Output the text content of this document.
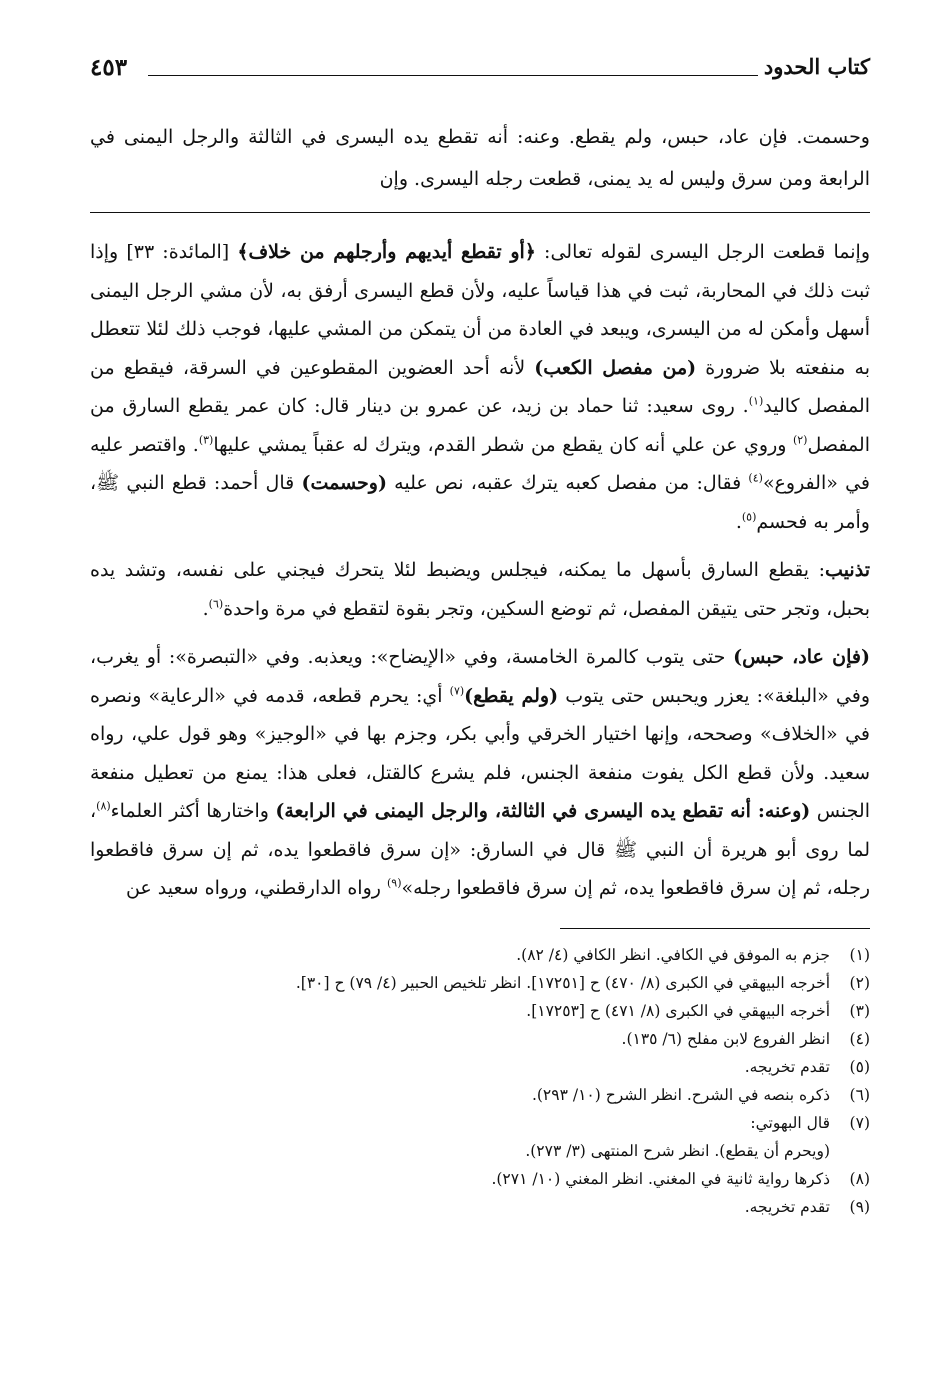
كتاب الحدود
٤٥٣

وحسمت. فإن عاد، حبس، ولم يقطع. وعنه: أنه تقطع يده اليسرى في الثالثة والرجل اليمنى في الرابعة ومن سرق وليس له يد يمنى، قطعت رجله اليسرى. وإن

وإنما قطعت الرجل اليسرى لقوله تعالى: ﴿أو تقطع أيديهم وأرجلهم من خلاف﴾ [المائدة: ٣٣] وإذا ثبت ذلك في المحاربة، ثبت في هذا قياساً عليه، ولأن قطع اليسرى أرفق به، لأن مشي الرجل اليمنى أسهل وأمكن له من اليسرى، ويبعد في العادة من أن يتمكن من المشي عليها، فوجب ذلك لئلا تتعطل به منفعته بلا ضرورة (من مفصل الكعب) لأنه أحد العضوين المقطوعين في السرقة، فيقطع من المفصل كاليد$^{(١)}$. روى سعيد: ثنا حماد بن زيد، عن عمرو بن دينار قال: كان عمر يقطع السارق من المفصل$^{(٢)}$ وروي عن علي أنه كان يقطع من شطر القدم، ويترك له عقباً يمشي عليها$^{(٣)}$. واقتصر عليه في «الفروع»$^{(٤)}$ فقال: من مفصل كعبه يترك عقبه، نص عليه (وحسمت) قال أحمد: قطع النبي ﷺ، وأمر به فحسم$^{(٥)}$.

تذنيب: يقطع السارق بأسهل ما يمكنه، فيجلس ويضبط لئلا يتحرك فيجني على نفسه، وتشد يده بحبل، وتجر حتى يتيقن المفصل، ثم توضع السكين، وتجر بقوة لتقطع في مرة واحدة$^{(٦)}$.

(فإن عاد، حبس) حتى يتوب كالمرة الخامسة، وفي «الإيضاح»: ويعذبه. وفي «التبصرة»: أو يغرب، وفي «البلغة»: يعزر ويحبس حتى يتوب (ولم يقطع)$^{(٧)}$ أي: يحرم قطعه، قدمه في «الرعاية» ونصره في «الخلاف» وصححه، وإنها اختيار الخرقي وأبي بكر، وجزم بها في «الوجيز» وهو قول علي، رواه سعيد. ولأن قطع الكل يفوت منفعة الجنس، فلم يشرع كالقتل، فعلى هذا: يمنع من تعطيل منفعة الجنس (وعنه: أنه تقطع يده اليسرى في الثالثة، والرجل اليمنى في الرابعة) واختارها أكثر العلماء$^{(٨)}$، لما روى أبو هريرة أن النبي ﷺ قال في السارق: «إن سرق فاقطعوا يده، ثم إن سرق فاقطعوا رجله، ثم إن سرق فاقطعوا يده، ثم إن سرق فاقطعوا رجله»$^{(٩)}$ رواه الدارقطني، ورواه سعيد عن

(١)
جزم به الموفق في الكافي. انظر الكافي (٤/ ٨٢).
(٢)
أخرجه البيهقي في الكبرى (٨/ ٤٧٠) ح [١٧٢٥١]. انظر تلخيص الحبير (٤/ ٧٩) ح [٣٠].
(٣)
أخرجه البيهقي في الكبرى (٨/ ٤٧١) ح [١٧٢٥٣].
(٤)
انظر الفروع لابن مفلح (٦/ ١٣٥).
(٥)
تقدم تخريجه.
(٦)
ذكره بنصه في الشرح. انظر الشرح (١٠/ ٢٩٣).
(٧)
قال البهوتي:
(ويحرم أن يقطع). انظر شرح المنتهى (٣/ ٢٧٣).
(٨)
ذكرها رواية ثانية في المغني. انظر المغني (١٠/ ٢٧١).
(٩)
تقدم تخريجه.
